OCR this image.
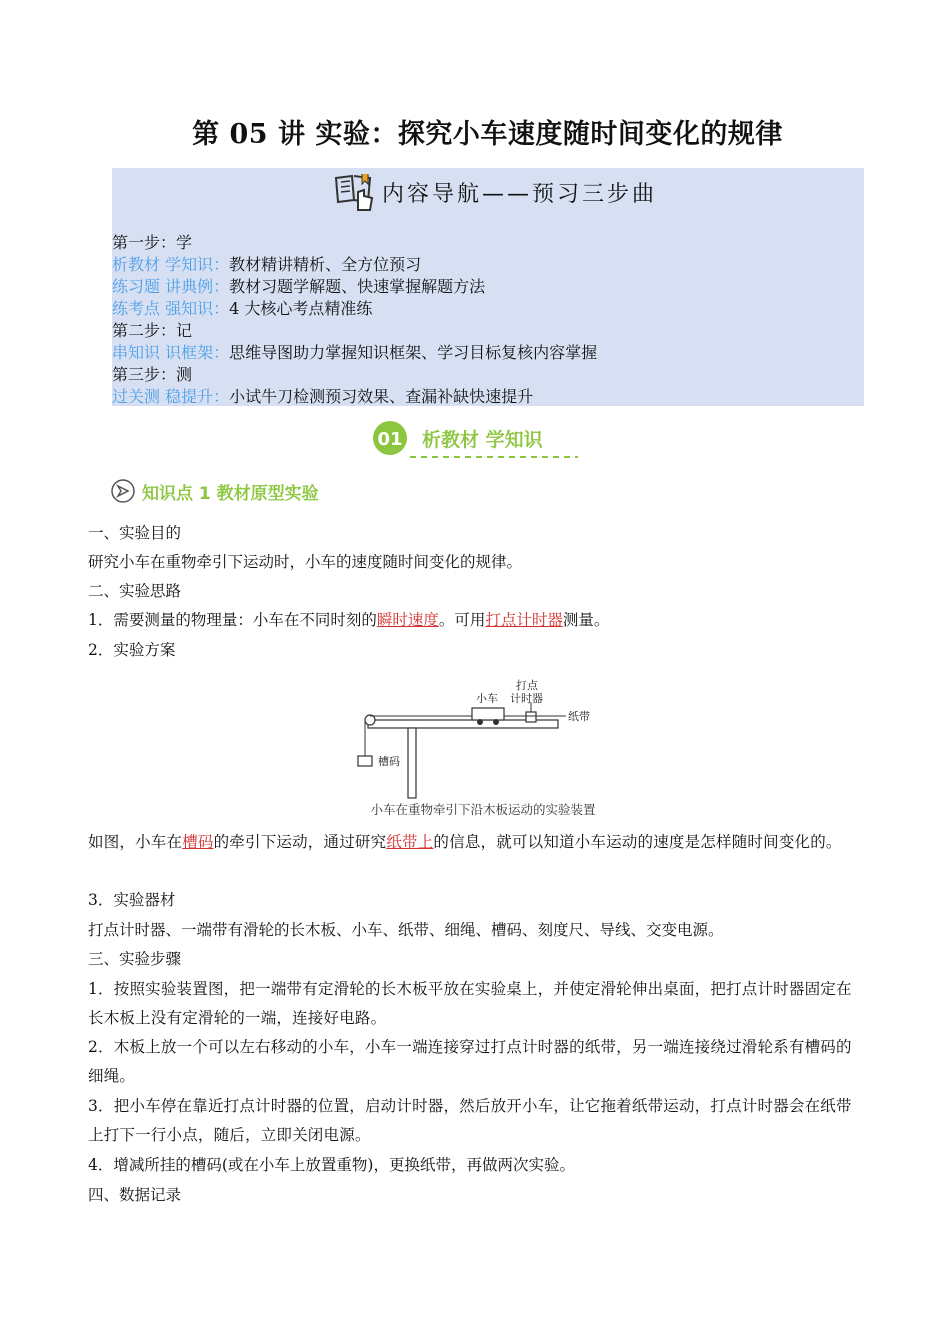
第 05 讲 实验：探究小车速度随时间变化的规律
内容导航——预习三步曲
第一步：学
析教材 学知识：教材精讲精析、全方位预习
练习题 讲典例：教材习题学解题、快速掌握解题方法
练考点 强知识：4 大核心考点精准练
第二步：记
串知识 识框架：思维导图助力掌握知识框架、学习目标复核内容掌握
第三步：测
过关测 稳提升：小试牛刀检测预习效果、查漏补缺快速提升
01 析教材 学知识
知识点 1 教材原型实验
一、实验目的
研究小车在重物牵引下运动时，小车的速度随时间变化的规律。
二、实验思路
1．需要测量的物理量：小车在不同时刻的瞬时速度。可用打点计时器测量。
2．实验方案
槽码
小车
打点
计时器
纸带
小车在重物牵引下沿木板运动的实验装置
如图，小车在槽码的牵引下运动，通过研究纸带上的信息，就可以知道小车运动的速度是怎样随时间变化的。
3．实验器材
打点计时器、一端带有滑轮的长木板、小车、纸带、细绳、槽码、刻度尺、导线、交变电源。
三、实验步骤
1．按照实验装置图，把一端带有定滑轮的长木板平放在实验桌上，并使定滑轮伸出桌面，把打点计时器固定在长木板上没有定滑轮的一端，连接好电路。
2．木板上放一个可以左右移动的小车，小车一端连接穿过打点计时器的纸带，另一端连接绕过滑轮系有槽码的细绳。
3．把小车停在靠近打点计时器的位置，启动计时器，然后放开小车，让它拖着纸带运动，打点计时器会在纸带上打下一行小点，随后，立即关闭电源。
4．增减所挂的槽码(或在小车上放置重物)，更换纸带，再做两次实验。
四、数据记录
